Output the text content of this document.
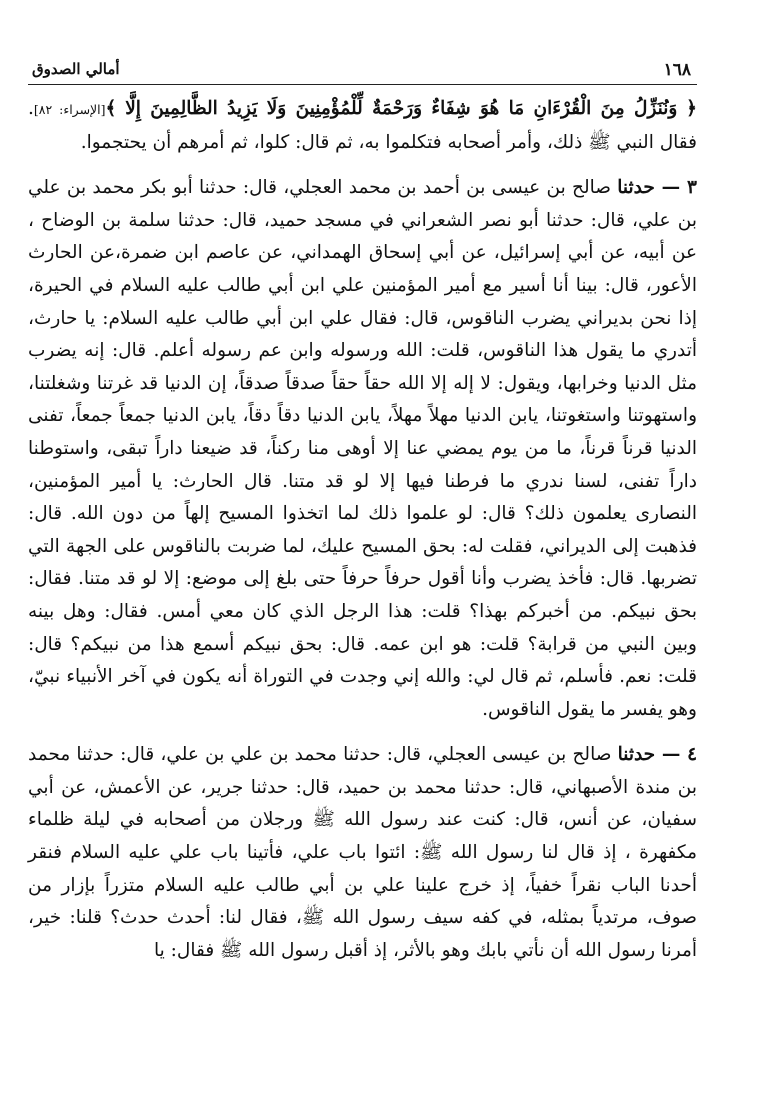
أمالي الصدوق	١٦٨

﴿ وَنُنَزِّلُ مِنَ الْقُرْءَانِ مَا هُوَ شِفَاءٌ وَرَحْمَةٌ لِّلْمُؤْمِنِينَ وَلَا يَزِيدُ الظَّالِمِينَ إِلَّا ﴾[الإسراء: ٨٢]. فقال النبي ﷺ ذلك، وأمر أصحابه فتكلموا به، ثم قال: كلوا، ثم أمرهم أن يحتجموا.

٣ — حدثنا صالح بن عيسى بن أحمد بن محمد العجلي، قال: حدثنا أبو بكر محمد بن علي بن علي، قال: حدثنا أبو نصر الشعراني في مسجد حميد، قال: حدثنا سلمة بن الوضاح ، عن أبيه، عن أبي إسرائيل، عن أبي إسحاق الهمداني، عن عاصم ابن ضمرة،عن الحارث الأعور، قال: بينا أنا أسير مع أمير المؤمنين علي ابن أبي طالب عليه السلام في الحيرة، إذا نحن بديراني يضرب الناقوس، قال: فقال علي ابن أبي طالب عليه السلام: يا حارث، أتدري ما يقول هذا الناقوس، قلت: الله ورسوله وابن عم رسوله أعلم. قال: إنه يضرب مثل الدنيا وخرابها، ويقول: لا إله إلا الله حقاً حقاً صدقاً صدقاً، إن الدنيا قد غرتنا وشغلتنا، واستهوتنا واستغوتنا، يابن الدنيا مهلاً مهلاً، يابن الدنيا دقاً دقاً، يابن الدنيا جمعاً جمعاً، تفنى الدنيا قرناً قرناً، ما من يوم يمضي عنا إلا أوهى منا ركناً، قد ضيعنا داراً تبقى، واستوطنا داراً تفنى، لسنا ندري ما فرطنا فيها إلا لو قد متنا. قال الحارث: يا أمير المؤمنين، النصارى يعلمون ذلك؟ قال: لو علموا ذلك لما اتخذوا المسيح إلهاً من دون الله. قال: فذهبت إلى الديراني، فقلت له: بحق المسيح عليك، لما ضربت بالناقوس على الجهة التي تضربها. قال: فأخذ يضرب وأنا أقول حرفاً حرفاً حتى بلغ إلى موضع: إلا لو قد متنا. فقال: بحق نبيكم. من أخبركم بهذا؟ قلت: هذا الرجل الذي كان معي أمس. فقال: وهل بينه وبين النبي من قرابة؟ قلت: هو ابن عمه. قال: بحق نبيكم أسمع هذا من نبيكم؟ قال: قلت: نعم. فأسلم، ثم قال لي: والله إني وجدت في التوراة أنه يكون في آخر الأنبياء نبيّ، وهو يفسر ما يقول الناقوس.

٤ — حدثنا صالح بن عيسى العجلي، قال: حدثنا محمد بن علي بن علي، قال: حدثنا محمد بن مندة الأصبهاني، قال: حدثنا محمد بن حميد، قال: حدثنا جرير، عن الأعمش، عن أبي سفيان، عن أنس، قال: كنت عند رسول الله ﷺ ورجلان من أصحابه في ليلة ظلماء مكفهرة ، إذ قال لنا رسول الله ﷺ: ائتوا باب علي، فأتينا باب علي عليه السلام فنقر أحدنا الباب نقراً خفياً، إذ خرج علينا علي بن أبي طالب عليه السلام متزراً بإزار من صوف، مرتدياً بمثله، في كفه سيف رسول الله ﷺ، فقال لنا: أحدث حدث؟ قلنا: خير، أمرنا رسول الله أن نأتي بابك وهو بالأثر، إذ أقبل رسول الله ﷺ فقال: يا
